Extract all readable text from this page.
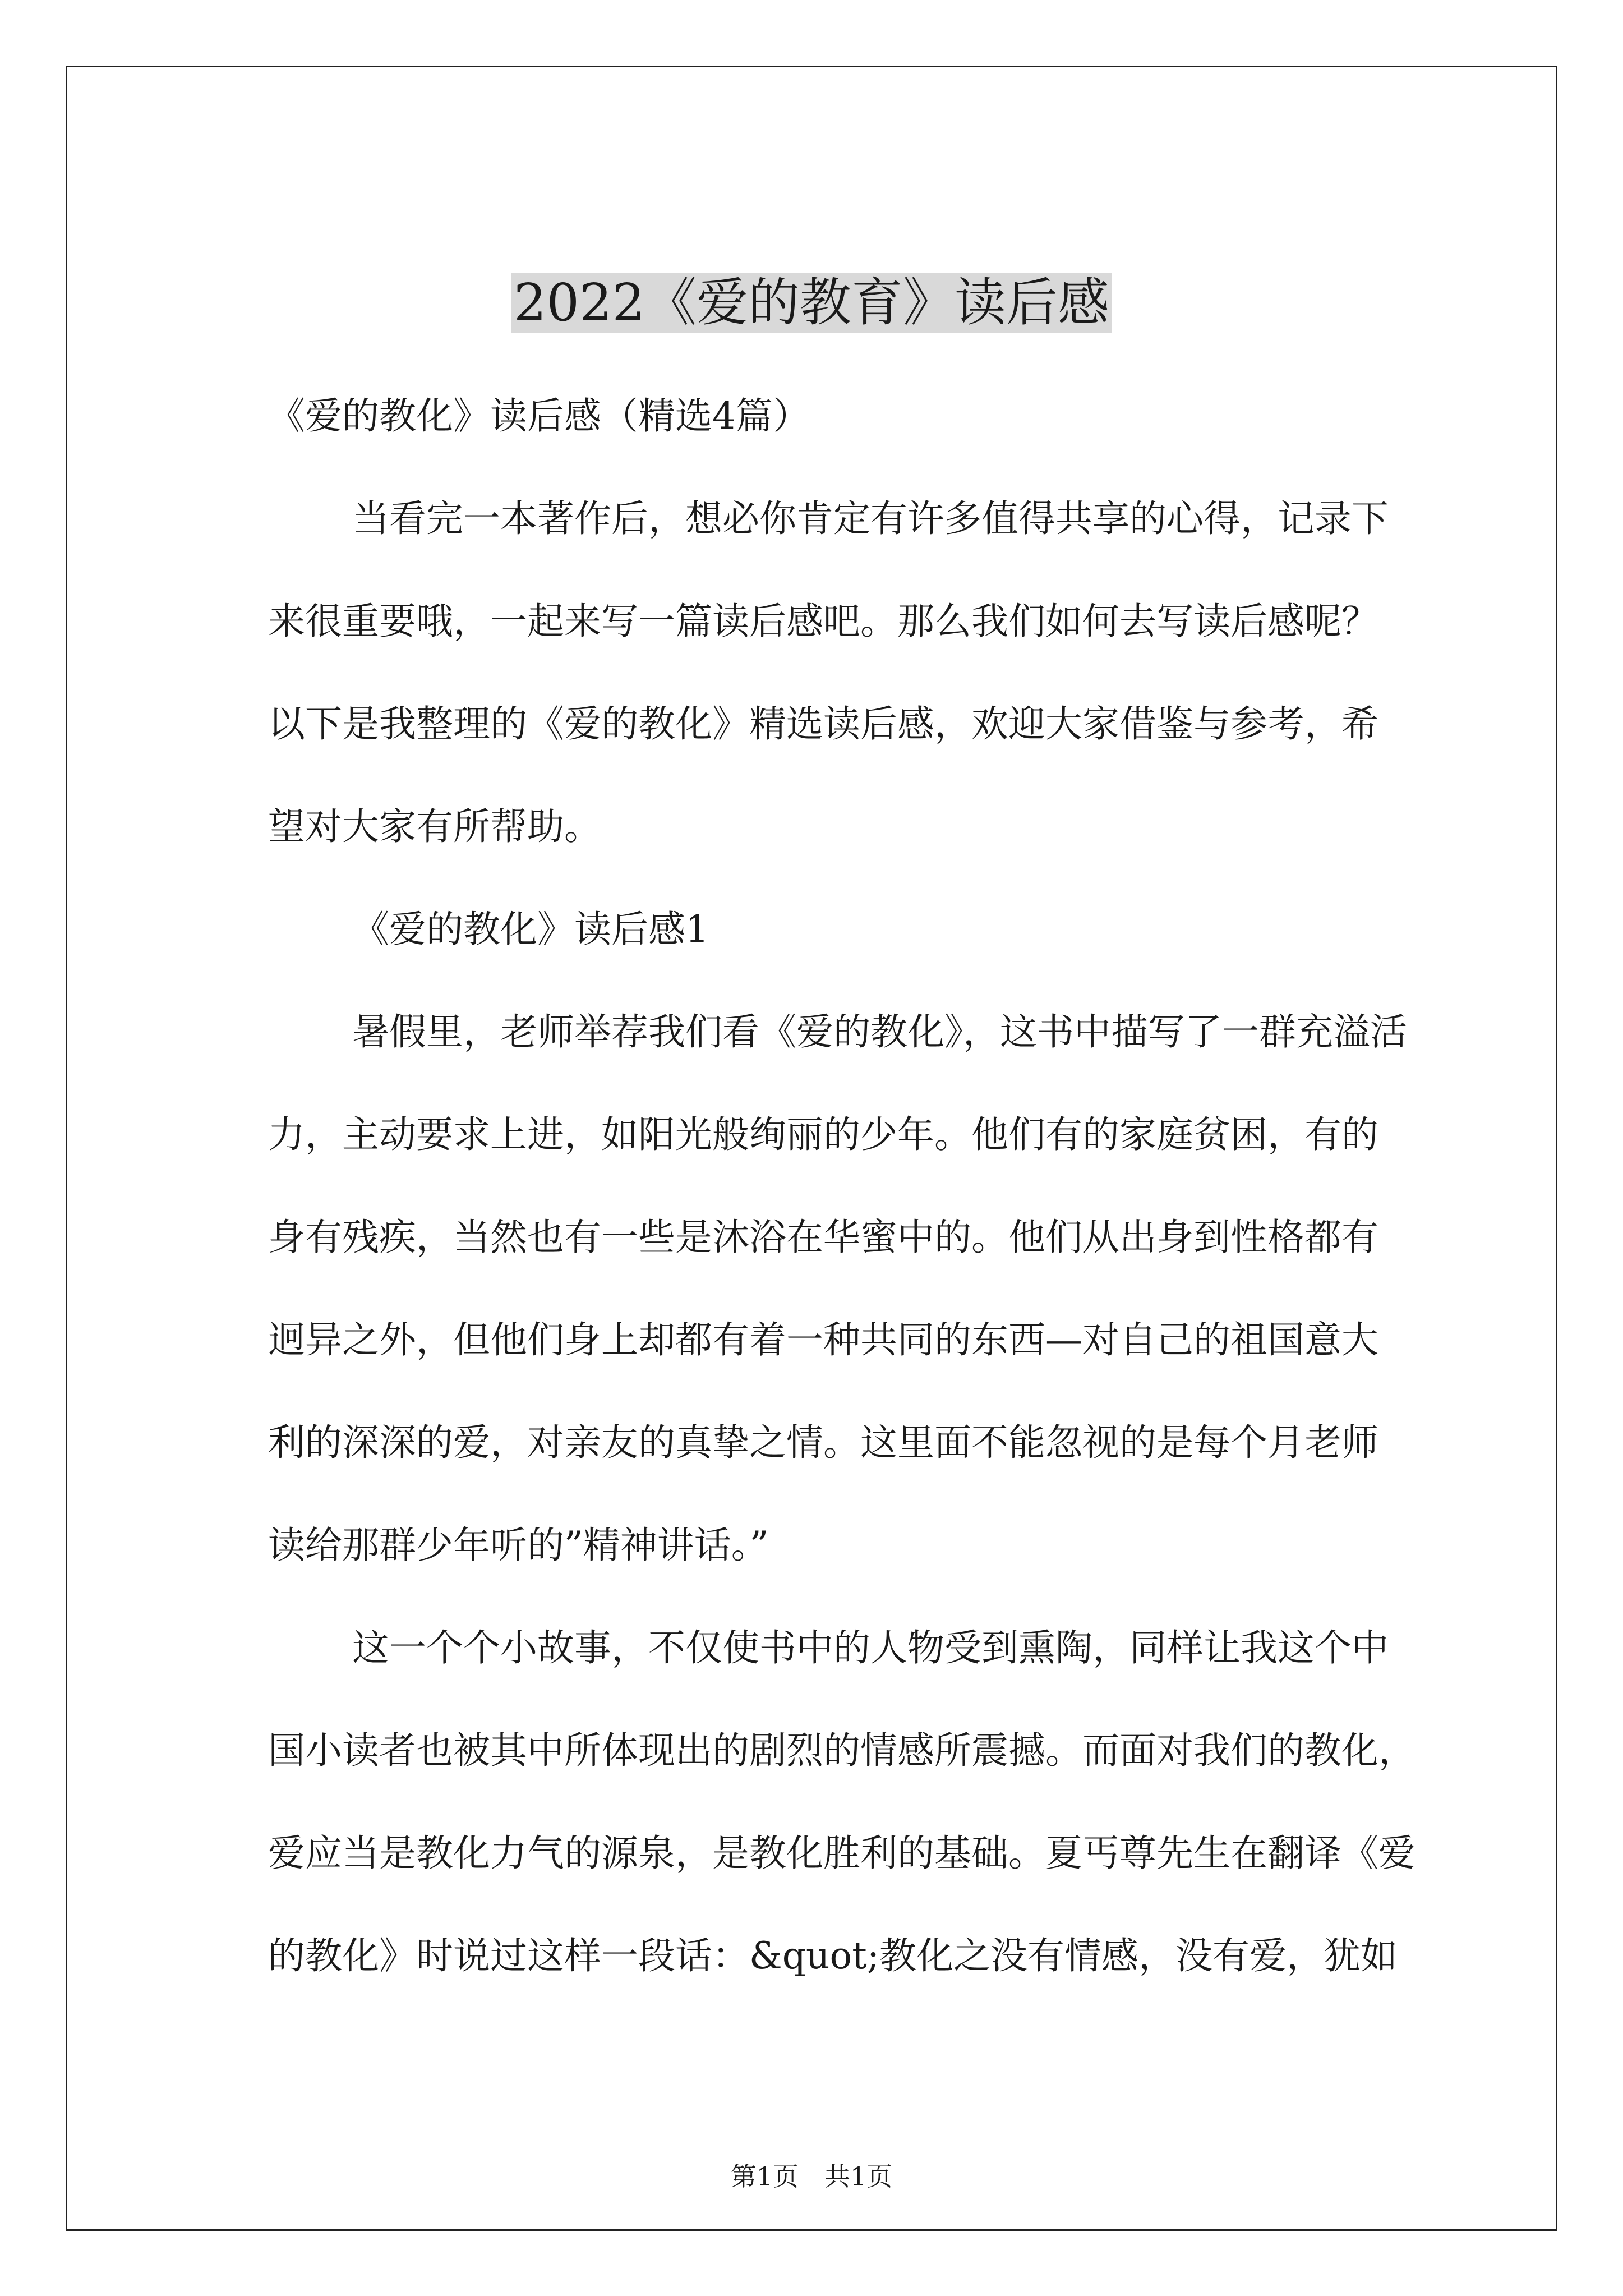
2022《爱的教育》读后感

《爱的教化》读后感（精选4篇）

当看完一本著作后，想必你肯定有许多值得共享的心得，记录下

来很重要哦，一起来写一篇读后感吧。那么我们如何去写读后感呢？

以下是我整理的《爱的教化》精选读后感，欢迎大家借鉴与参考，希

望对大家有所帮助。

《爱的教化》读后感1

暑假里，老师举荐我们看《爱的教化》，这书中描写了一群充溢活

力，主动要求上进，如阳光般绚丽的少年。他们有的家庭贫困，有的

身有残疾，当然也有一些是沐浴在华蜜中的。他们从出身到性格都有

迥异之外，但他们身上却都有着一种共同的东西—对自己的祖国意大

利的深深的爱，对亲友的真挚之情。这里面不能忽视的是每个月老师

读给那群少年听的”精神讲话。”

这一个个小故事，不仅使书中的人物受到熏陶，同样让我这个中

国小读者也被其中所体现出的剧烈的情感所震撼。而面对我们的教化，

爱应当是教化力气的源泉，是教化胜利的基础。夏丐尊先生在翻译《爱

的教化》时说过这样一段话：&quot;教化之没有情感，没有爱，犹如

第1页　共1页
